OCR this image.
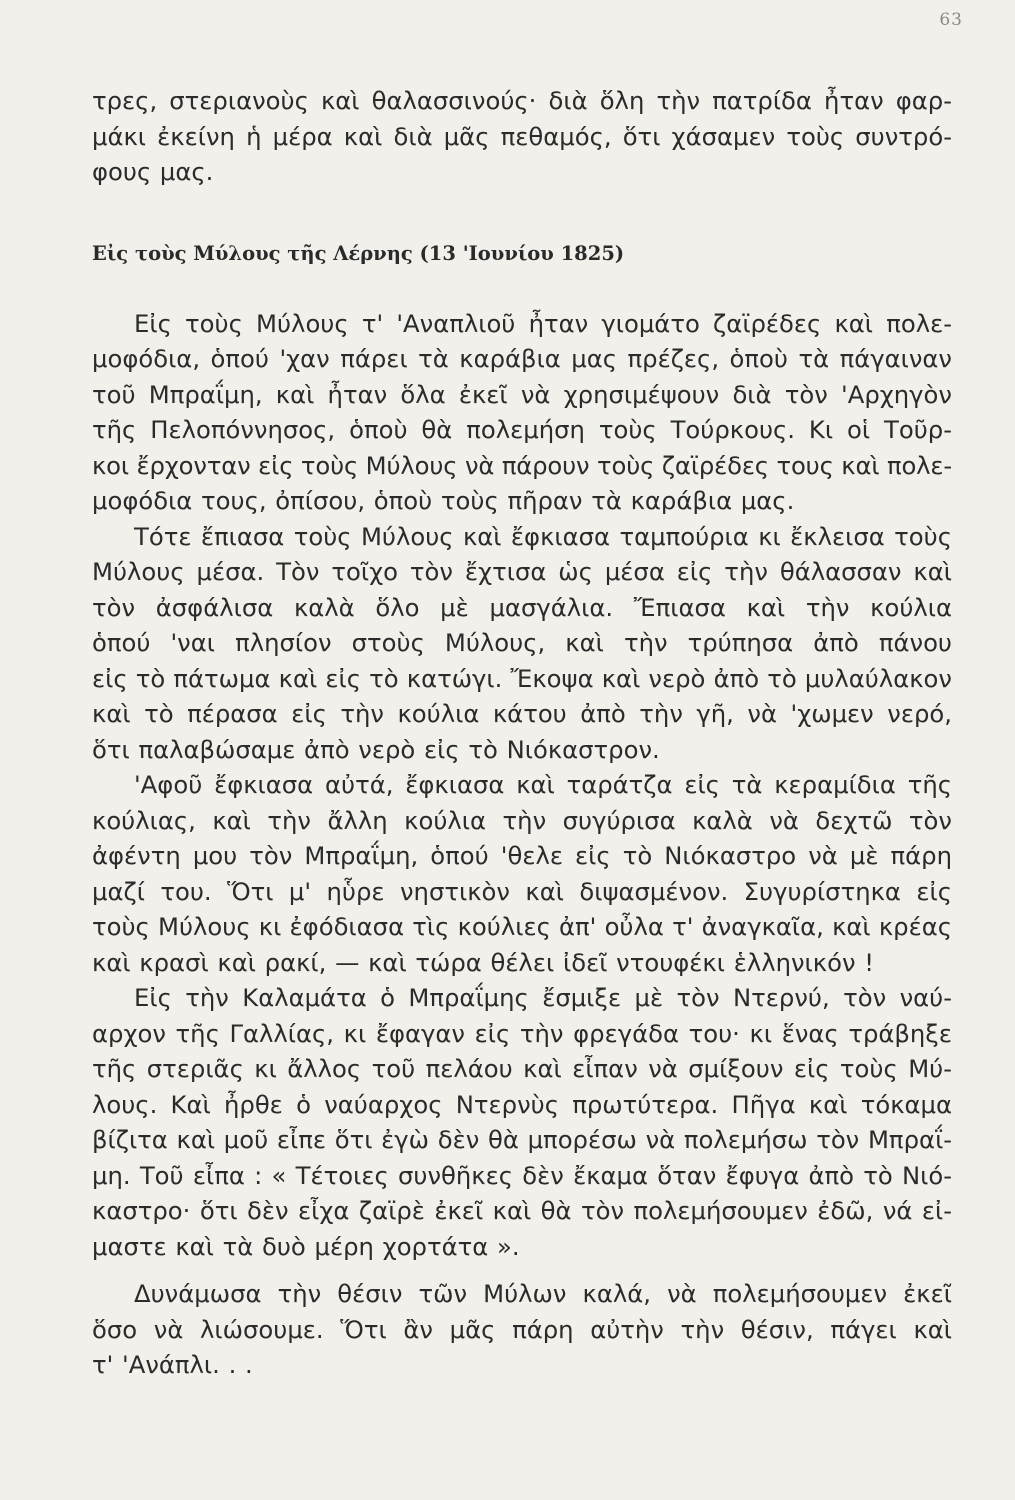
63

τρες, στεριανοὺς καὶ θαλασσινούς· διὰ ὅλη τὴν πατρίδα ἦταν φαρ-
μάκι ἐκείνη ἡ μέρα καὶ διὰ μᾶς πεθαμός, ὅτι χάσαμεν τοὺς συντρό-
φους μας.

Εἰς τοὺς Μύλους τῆς Λέρνης (13 'Ιουνίου 1825)

Εἰς τοὺς Μύλους τ' 'Αναπλιοῦ ἦταν γιομάτο ζαϊρέδες καὶ πολε-
μοφόδια, ὁπού 'χαν πάρει τὰ καράβια μας πρέζες, ὁποὺ τὰ πάγαιναν
τοῦ Μπραΐμη, καὶ ἦταν ὅλα ἐκεῖ νὰ χρησιμέψουν διὰ τὸν 'Αρχηγὸν
τῆς Πελοπόννησος, ὁποὺ θὰ πολεμήση τοὺς Τούρκους. Κι οἱ Τοῦρ-
κοι ἔρχονταν εἰς τοὺς Μύλους νὰ πάρουν τοὺς ζαϊρέδες τους καὶ πολε-
μοφόδια τους, ὀπίσου, ὁποὺ τοὺς πῆραν τὰ καράβια μας.

Τότε ἔπιασα τοὺς Μύλους καὶ ἔφκιασα ταμπούρια κι ἔκλεισα τοὺς
Μύλους μέσα. Τὸν τοῖχο τὸν ἔχτισα ὡς μέσα εἰς τὴν θάλασσαν καὶ
τὸν ἀσφάλισα καλὰ ὅλο μὲ μασγάλια. Ἔπιασα καὶ τὴν κούλια
ὁπού 'ναι πλησίον στοὺς Μύλους, καὶ τὴν τρύπησα ἀπὸ πάνου
εἰς τὸ πάτωμα καὶ εἰς τὸ κατώγι. Ἔκοψα καὶ νερὸ ἀπὸ τὸ μυλαύλακον
καὶ τὸ πέρασα εἰς τὴν κούλια κάτου ἀπὸ τὴν γῆ, νὰ 'χωμεν νερό,
ὅτι παλαβώσαμε ἀπὸ νερὸ εἰς τὸ Νιόκαστρον.

'Αφοῦ ἔφκιασα αὐτά, ἔφκιασα καὶ ταράτζα εἰς τὰ κεραμίδια τῆς
κούλιας, καὶ τὴν ἄλλη κούλια τὴν συγύρισα καλὰ νὰ δεχτῶ τὸν
ἀφέντη μου τὸν Μπραΐμη, ὁπού 'θελε εἰς τὸ Νιόκαστρο νὰ μὲ πάρη
μαζί του. Ὅτι μ' ηὗρε νηστικὸν καὶ διψασμένον. Συγυρίστηκα εἰς
τοὺς Μύλους κι ἐφόδιασα τὶς κούλιες ἀπ' οὖλα τ' ἀναγκαῖα, καὶ κρέας
καὶ κρασὶ καὶ ρακί, — καὶ τώρα θέλει ἰδεῖ ντουφέκι ἑλληνικόν !

Εἰς τὴν Καλαμάτα ὁ Μπραΐμης ἔσμιξε μὲ τὸν Ντερνύ, τὸν ναύ-
αρχον τῆς Γαλλίας, κι ἔφαγαν εἰς τὴν φρεγάδα του· κι ἕνας τράβηξε
τῆς στεριᾶς κι ἄλλος τοῦ πελάου καὶ εἶπαν νὰ σμίξουν εἰς τοὺς Μύ-
λους. Καὶ ἦρθε ὁ ναύαρχος Ντερνὺς πρωτύτερα. Πῆγα καὶ τόκαμα
βίζιτα καὶ μοῦ εἶπε ὅτι ἐγὼ δὲν θὰ μπορέσω νὰ πολεμήσω τὸν Μπραΐ-
μη. Τοῦ εἶπα : « Τέτοιες συνθῆκες δὲν ἔκαμα ὅταν ἔφυγα ἀπὸ τὸ Νιό-
καστρο· ὅτι δὲν εἶχα ζαϊρὲ ἐκεῖ καὶ θὰ τὸν πολεμήσουμεν ἐδῶ, νά εἰ-
μαστε καὶ τὰ δυὸ μέρη χορτάτα ».

Δυνάμωσα τὴν θέσιν τῶν Μύλων καλά, νὰ πολεμήσουμεν ἐκεῖ
ὅσο νὰ λιώσουμε. Ὅτι ἂν μᾶς πάρη αὐτὴν τὴν θέσιν, πάγει καὶ
τ' 'Ανάπλι. . .
